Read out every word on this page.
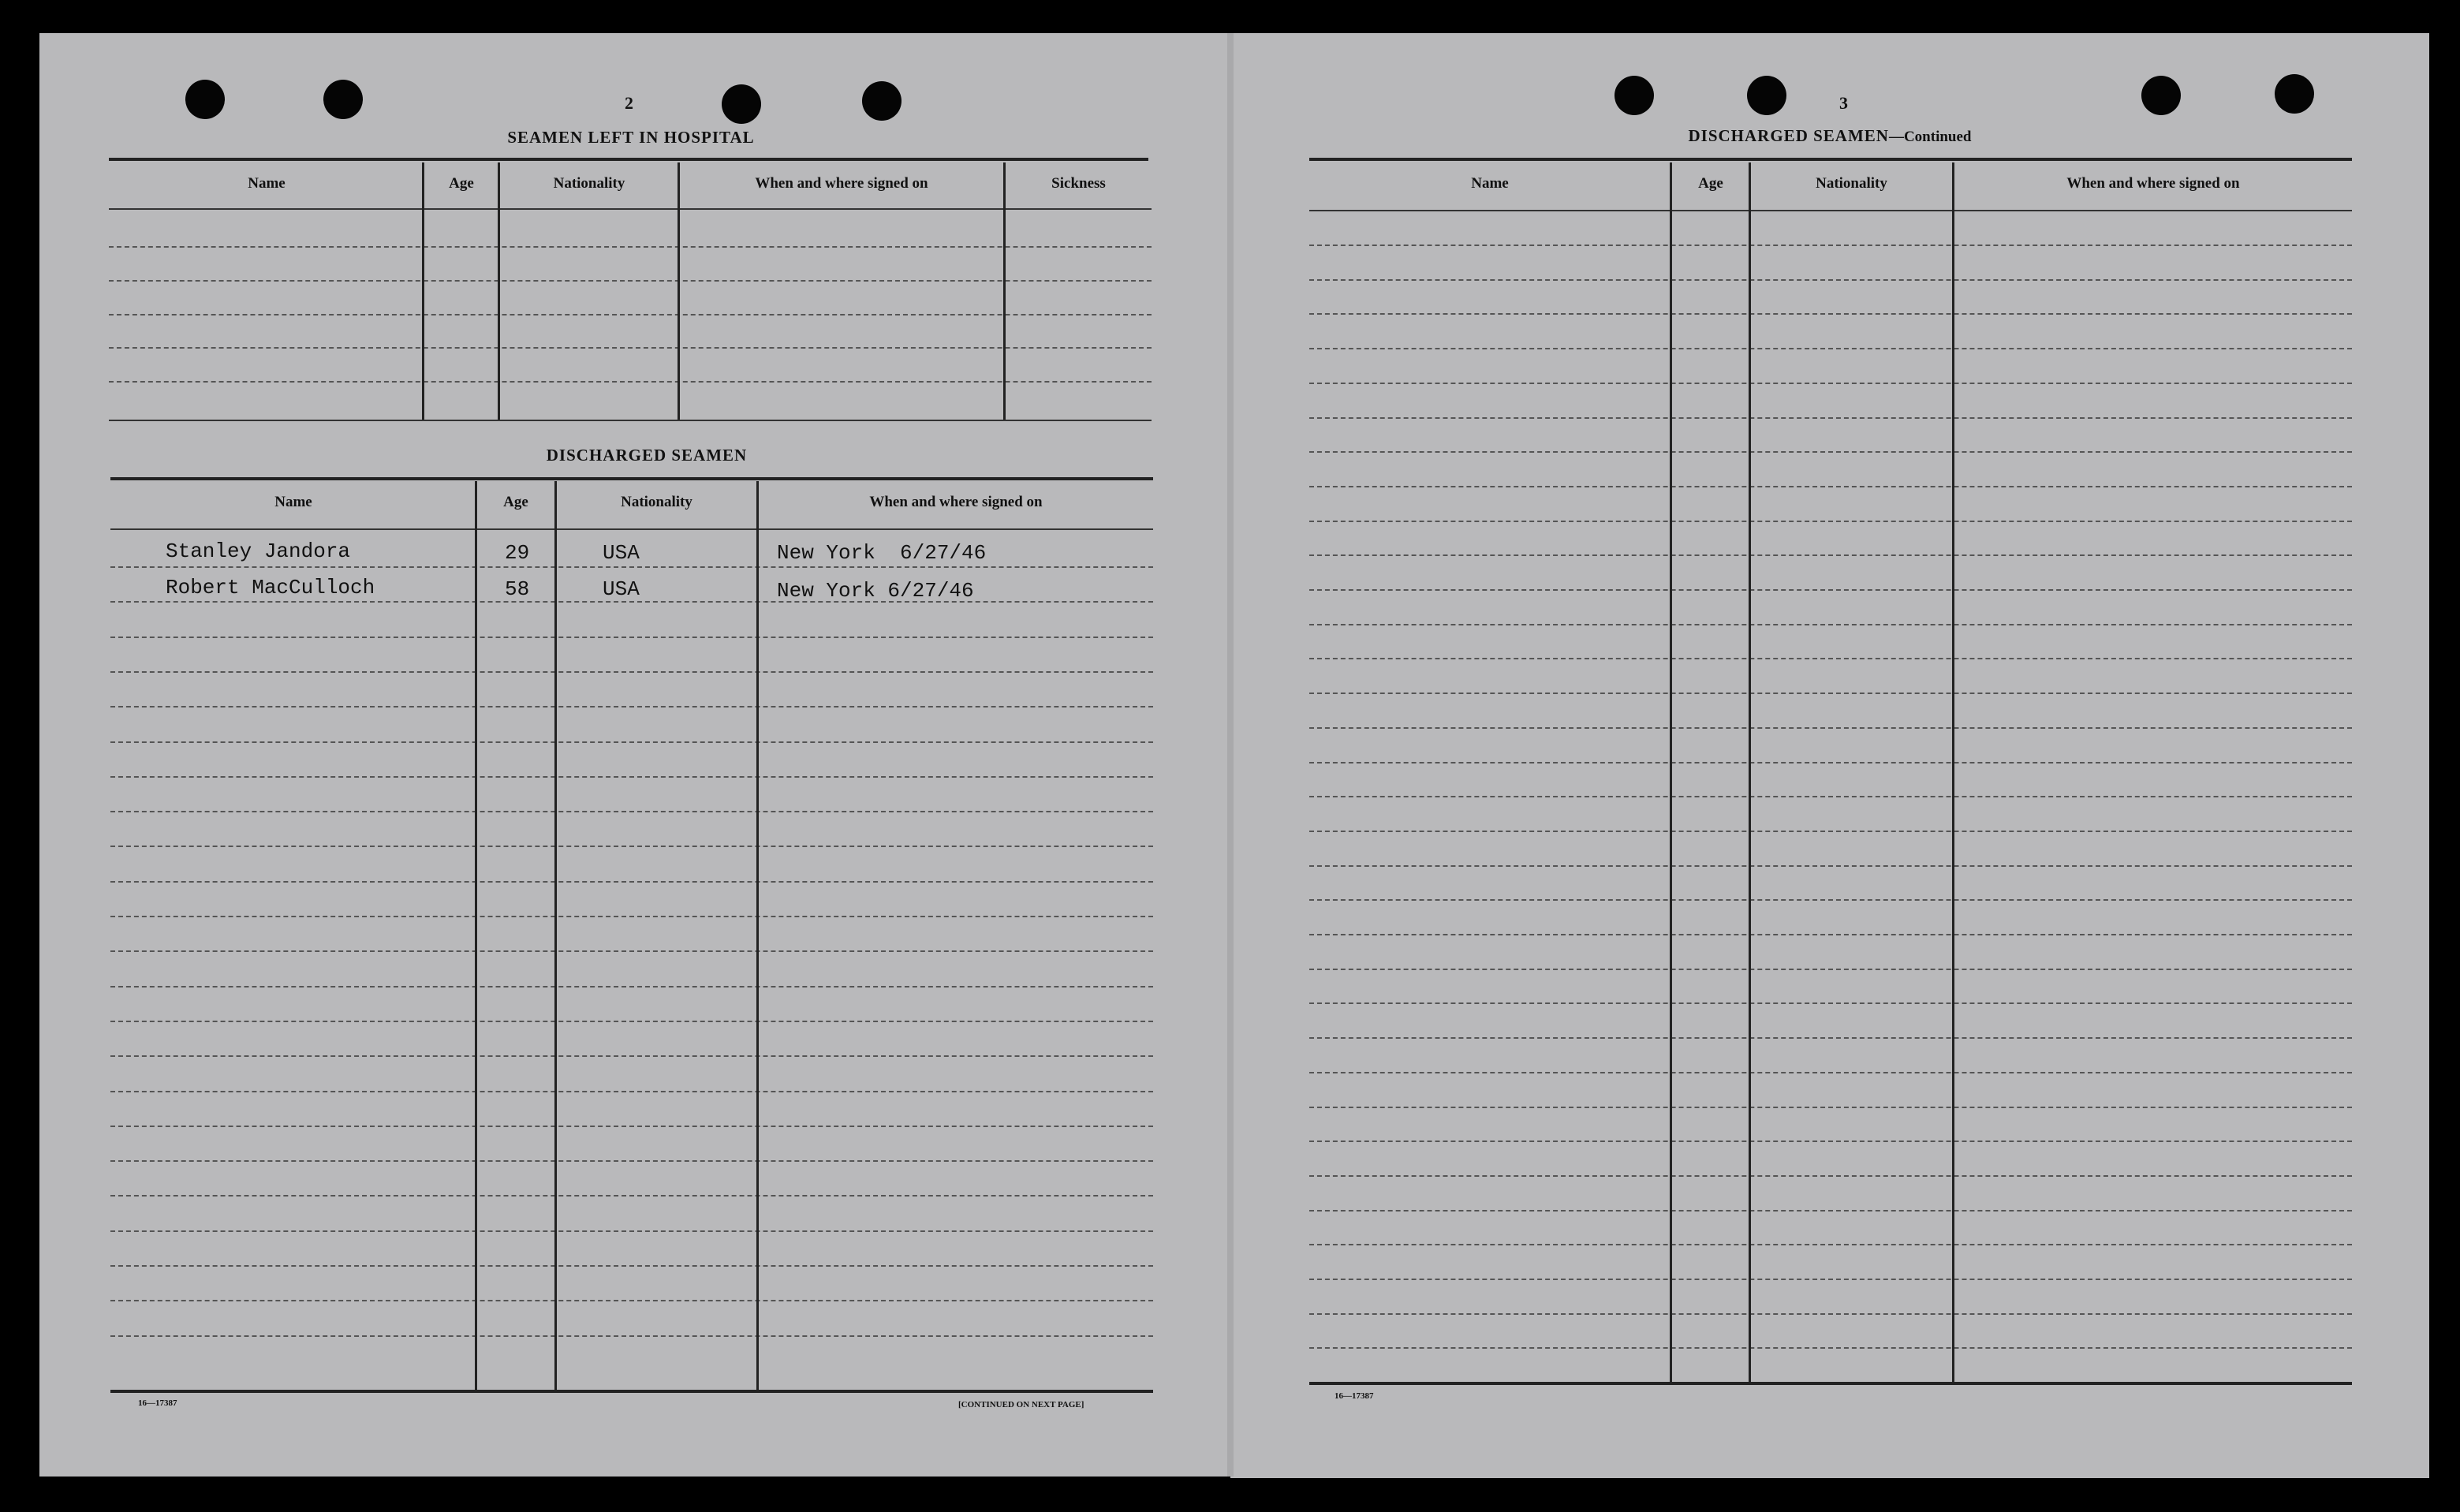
2
SEAMEN LEFT IN HOSPITAL
Name	Age	Nationality	When and where signed on	Sickness
DISCHARGED SEAMEN
Name	Age	Nationality	When and where signed on
Stanley Jandora	29	USA	New York  6/27/46
Robert MacCulloch	58	USA	New York 6/27/46
16—17387	[CONTINUED ON NEXT PAGE]
3
DISCHARGED SEAMEN—Continued
Name	Age	Nationality	When and where signed on
16—17387
